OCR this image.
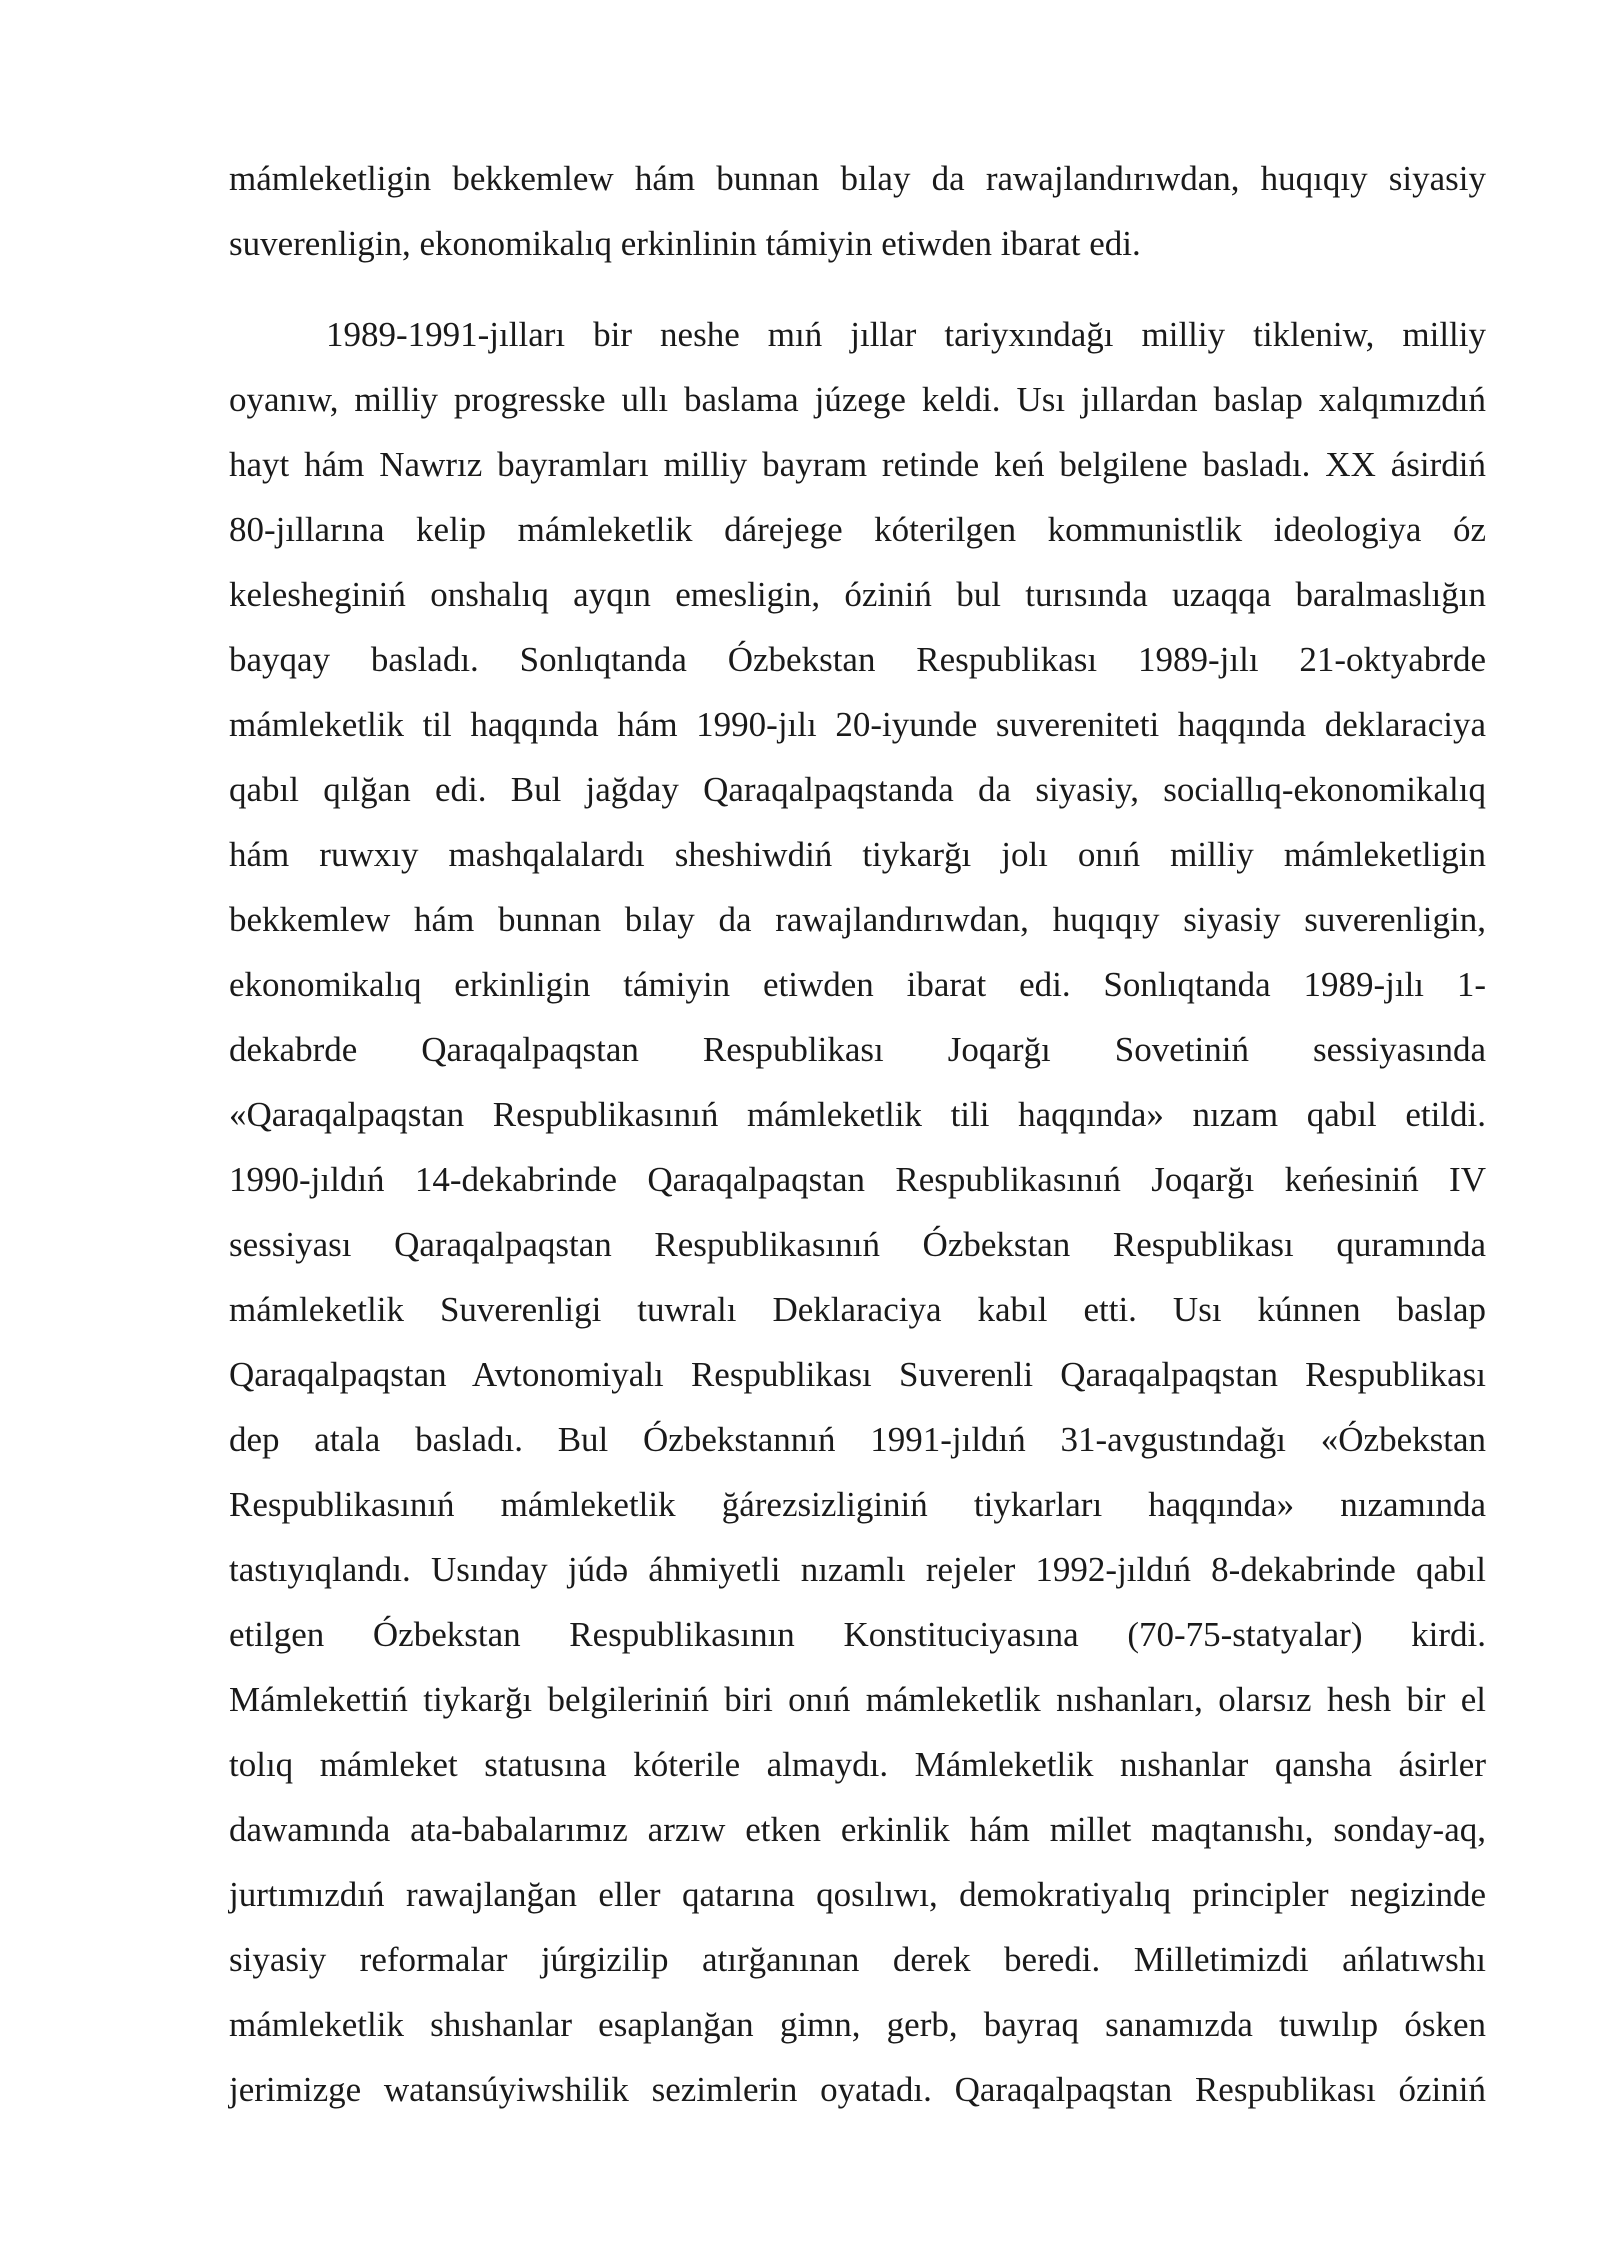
mámleketligin bekkemlew hám bunnan bılay da rawajlandırıwdan, huqıqıy siyasiy
suverenligin, ekonomikalıq erkinlinin támiyin etiwden ibarat edi.
1989-1991-jılları bir neshe mıń jıllar tariyxındağı milliy tikleniw, milliy
oyanıw, milliy progresske ullı baslama júzege keldi. Usı jıllardan baslap xalqımızdıń
hayt hám Nawrız bayramları milliy bayram retinde keń belgilene basladı. XX ásirdiń
80-jıllarına kelip mámleketlik dárejege kóterilgen kommunistlik ideologiya óz
kelesheginiń onshalıq ayqın emesligin, óziniń bul turısında uzaqqa baralmaslığın
bayqay basladı. Sonlıqtanda Ózbekstan Respublikası 1989-jılı 21-oktyabrde
mámleketlik til haqqında hám 1990-jılı 20-iyunde suvereniteti haqqında deklaraciya
qabıl qılğan edi. Bul jağday Qaraqalpaqstanda da siyasiy, sociallıq-ekonomikalıq
hám ruwxıy mashqalalardı sheshiwdiń tiykarğı jolı onıń milliy mámleketligin
bekkemlew hám bunnan bılay da rawajlandırıwdan, huqıqıy siyasiy suverenligin,
ekonomikalıq erkinligin támiyin etiwden ibarat edi. Sonlıqtanda 1989-jılı 1-
dekabrde Qaraqalpaqstan Respublikası Joqarğı Sovetiniń sessiyasında
«Qaraqalpaqstan Respublikasınıń mámleketlik tili haqqında» nızam qabıl etildi.
1990-jıldıń 14-dekabrinde Qaraqalpaqstan Respublikasınıń Joqarğı keńesiniń IV
sessiyası Qaraqalpaqstan Respublikasınıń Ózbekstan Respublikası quramında
mámleketlik Suverenligi tuwralı Deklaraciya kabıl etti. Usı kúnnen baslap
Qaraqalpaqstan Avtonomiyalı Respublikası Suverenli Qaraqalpaqstan Respublikası
dep atala basladı. Bul Ózbekstannıń 1991-jıldıń 31-avgustındağı «Ózbekstan
Respublikasınıń mámleketlik ğárezsizliginiń tiykarları haqqında» nızamında
tastıyıqlandı. Usınday júdə áhmiyetli nızamlı rejeler 1992-jıldıń 8-dekabrinde qabıl
etilgen Ózbekstan Respublikasının Konstituciyasına (70-75-statyalar) kirdi.
Mámlekettiń tiykarğı belgileriniń biri onıń mámleketlik nıshanları, olarsız hesh bir el
tolıq mámleket statusına kóterile almaydı. Mámleketlik nıshanlar qansha ásirler
dawamında ata-babalarımız arzıw etken erkinlik hám millet maqtanıshı, sonday-aq,
jurtımızdıń rawajlanğan eller qatarına qosılıwı, demokratiyalıq principler negizinde
siyasiy reformalar júrgizilip atırğanınan derek beredi. Milletimizdi ańlatıwshı
mámleketlik shıshanlar esaplanğan gimn, gerb, bayraq sanamızda tuwılıp ósken
jerimizge watansúyiwshilik sezimlerin oyatadı. Qaraqalpaqstan Respublikası óziniń
